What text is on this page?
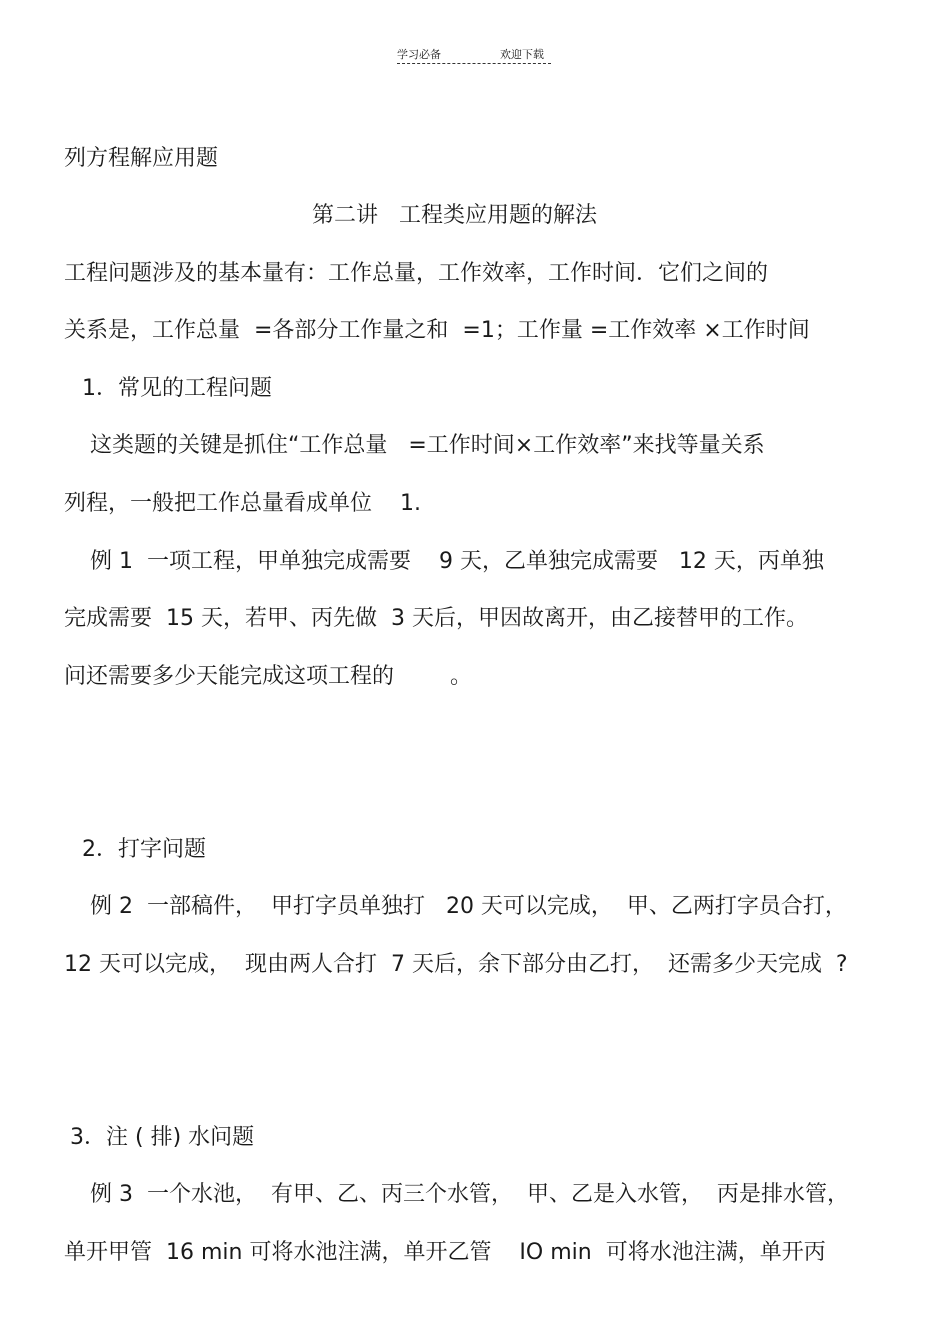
学习必备	欢迎下载
列方程解应用题
第二讲   工程类应用题的解法
工程问题涉及的基本量有：工作总量，工作效率，工作时间．它们之间的
关系是，工作总量  =各部分工作量之和  =1；工作量 =工作效率 ×工作时间
1．常见的工程问题
这类题的关键是抓住“工作总量   =工作时间×工作效率”来找等量关系
列程，一般把工作总量看成单位    1.
例 1  一项工程，甲单独完成需要    9 天，乙单独完成需要   12 天，丙单独
完成需要  15 天，若甲、丙先做  3 天后，甲因故离开，由乙接替甲的工作。
问还需要多少天能完成这项工程的        。
2．打字问题
例 2  一部稿件，  甲打字员单独打   20 天可以完成，  甲、乙两打字员合打，
12 天可以完成，  现由两人合打  7 天后，余下部分由乙打，  还需多少天完成  ?
3．注 ( 排) 水问题
例 3  一个水池，  有甲、乙、丙三个水管，  甲、乙是入水管，  丙是排水管，
单开甲管  16 min 可将水池注满，单开乙管    IO min  可将水池注满，单开丙
